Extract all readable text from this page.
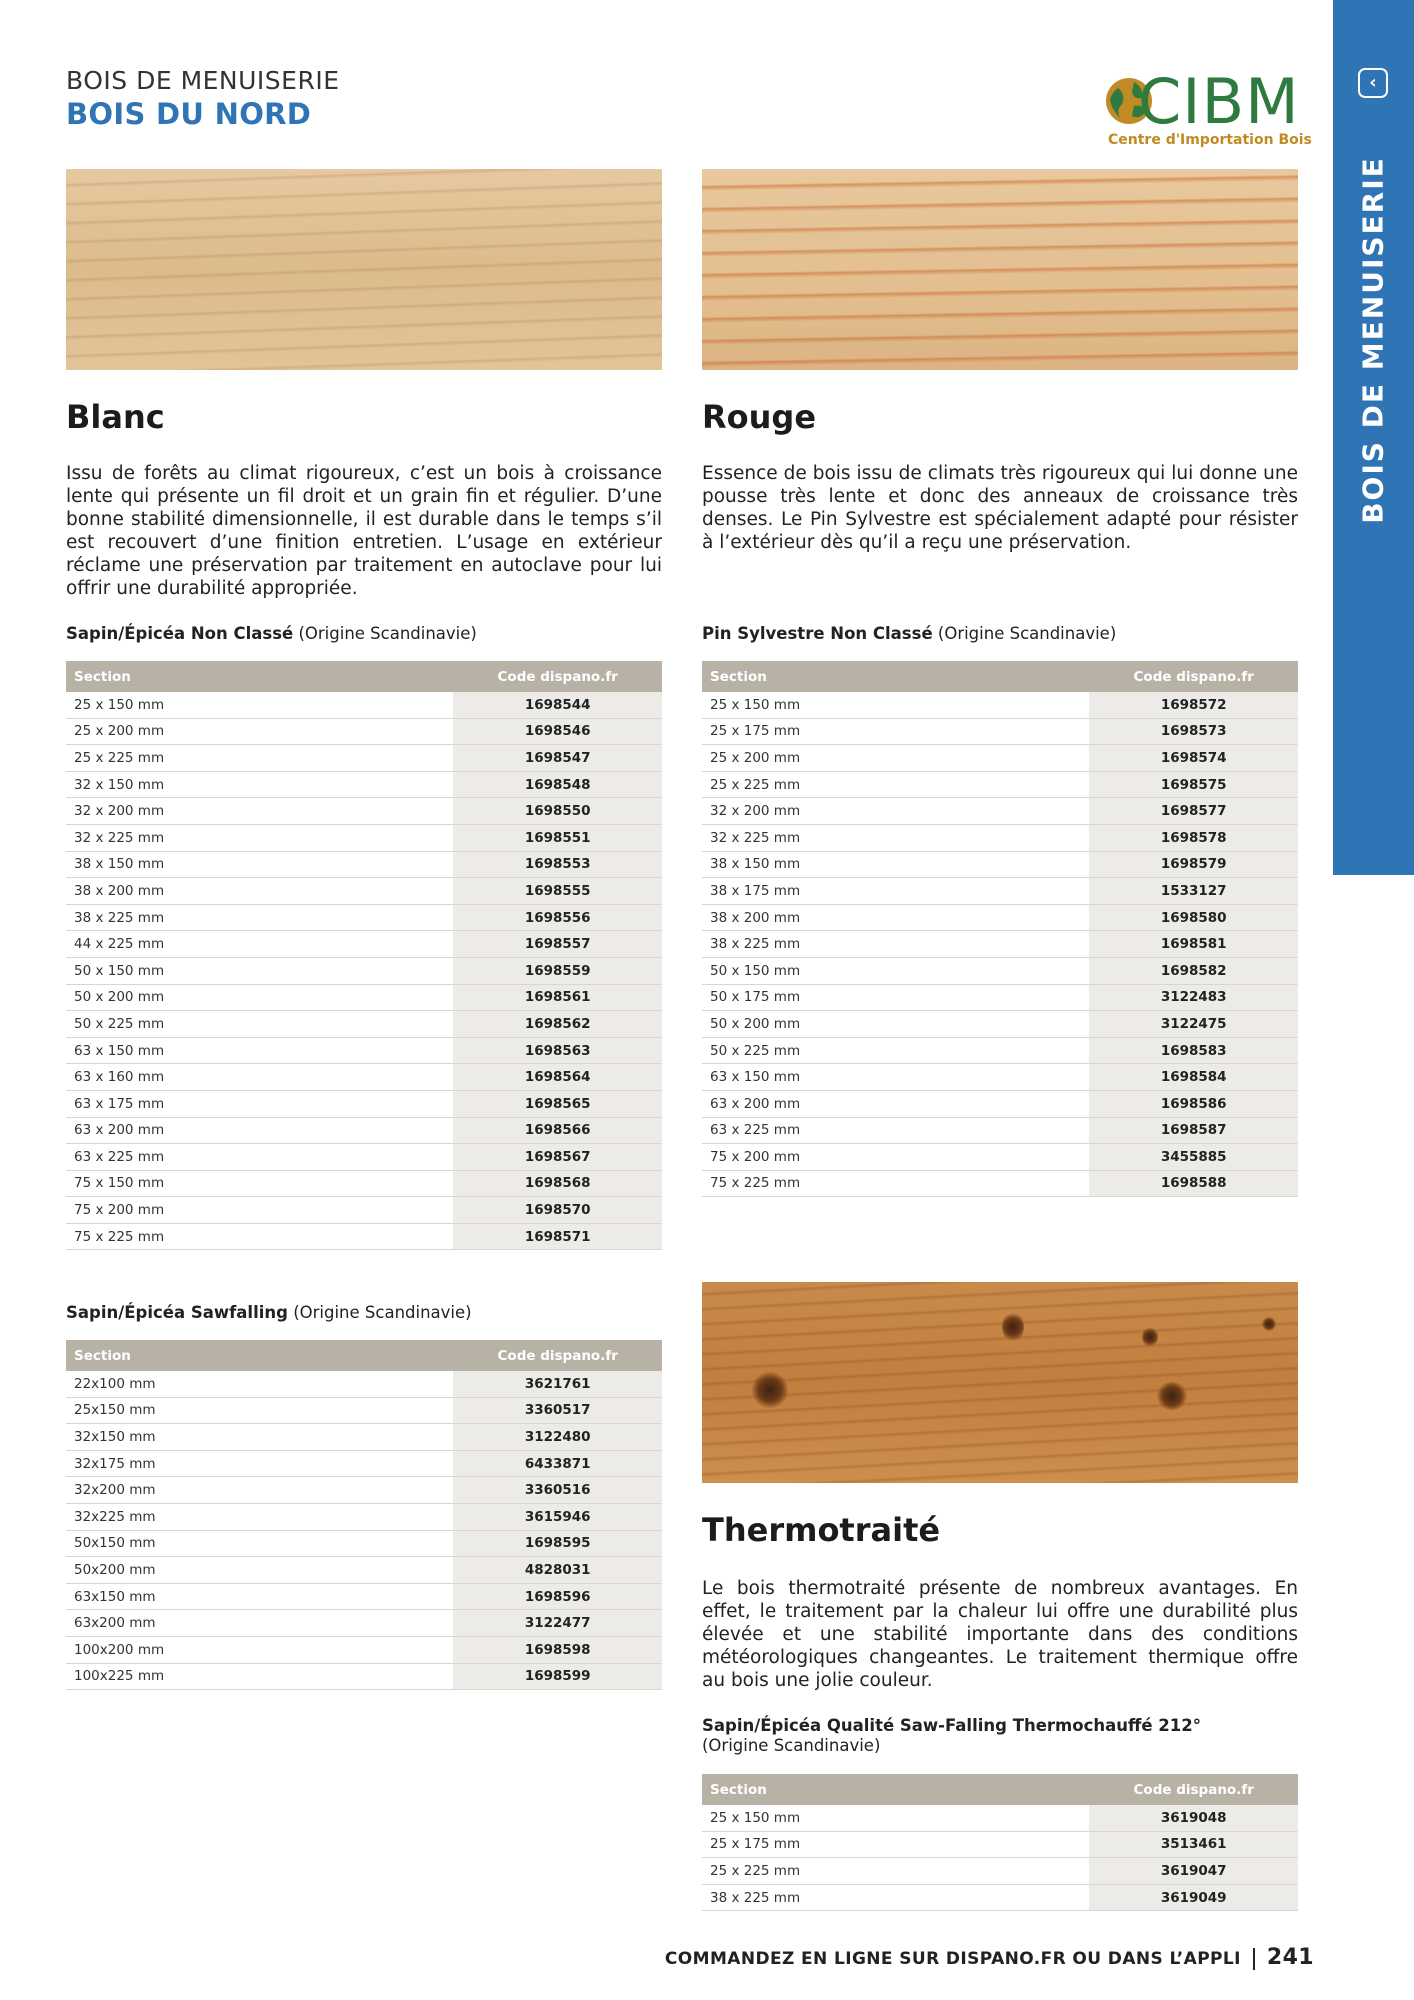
BOIS DE MENUISERIE
BOIS DU NORD	CIBM
Centre d'Importation Bois
‹
BOIS DE MENUISERIE
Blanc
Issu de forêts au climat rigoureux, c’est un bois à croissance lente qui présente un fil droit et un grain fin et régulier. D’une bonne stabilité dimensionnelle, il est durable dans le temps s’il est recouvert d’une finition entretien. L’usage en extérieur réclame une préservation par traitement en autoclave pour lui offrir une durabilité appropriée.
Rouge
Essence de bois issu de climats très rigoureux qui lui donne une pousse très lente et donc des anneaux de croissance très denses. Le Pin Sylvestre est spécialement adapté pour résister à l’extérieur dès qu’il a reçu une préservation.
Thermotraité
Le bois thermotraité présente de nombreux avantages. En effet, le traitement par la chaleur lui offre une durabilité plus élevée et une stabilité importante dans des conditions météorologiques changeantes. Le traitement thermique offre au bois une jolie couleur.
Sapin/Épicéa Non Classé (Origine Scandinavie)	Pin Sylvestre Non Classé (Origine Scandinavie)
Sapin/Épicéa Sawfalling (Origine Scandinavie)
Sapin/Épicéa Qualité Saw-Falling Thermochauffé 212°
(Origine Scandinavie)
Section	Code dispano.fr
25 x 150 mm	1698544
25 x 200 mm	1698546
25 x 225 mm	1698547
32 x 150 mm	1698548
32 x 200 mm	1698550
32 x 225 mm	1698551
38 x 150 mm	1698553
38 x 200 mm	1698555
38 x 225 mm	1698556
44 x 225 mm	1698557
50 x 150 mm	1698559
50 x 200 mm	1698561
50 x 225 mm	1698562
63 x 150 mm	1698563
63 x 160 mm	1698564
63 x 175 mm	1698565
63 x 200 mm	1698566
63 x 225 mm	1698567
75 x 150 mm	1698568
75 x 200 mm	1698570
75 x 225 mm	1698571
Section	Code dispano.fr
25 x 150 mm	1698572
25 x 175 mm	1698573
25 x 200 mm	1698574
25 x 225 mm	1698575
32 x 200 mm	1698577
32 x 225 mm	1698578
38 x 150 mm	1698579
38 x 175 mm	1533127
38 x 200 mm	1698580
38 x 225 mm	1698581
50 x 150 mm	1698582
50 x 175 mm	3122483
50 x 200 mm	3122475
50 x 225 mm	1698583
63 x 150 mm	1698584
63 x 200 mm	1698586
63 x 225 mm	1698587
75 x 200 mm	3455885
75 x 225 mm	1698588
Section	Code dispano.fr
22x100 mm	3621761
25x150 mm	3360517
32x150 mm	3122480
32x175 mm	6433871
32x200 mm	3360516
32x225 mm	3615946
50x150 mm	1698595
50x200 mm	4828031
63x150 mm	1698596
63x200 mm	3122477
100x200 mm	1698598
100x225 mm	1698599
Section	Code dispano.fr
25 x 150 mm	3619048
25 x 175 mm	3513461
25 x 225 mm	3619047
38 x 225 mm	3619049
COMMANDEZ EN LIGNE SUR DISPANO.FR OU DANS L’APPLI 241
